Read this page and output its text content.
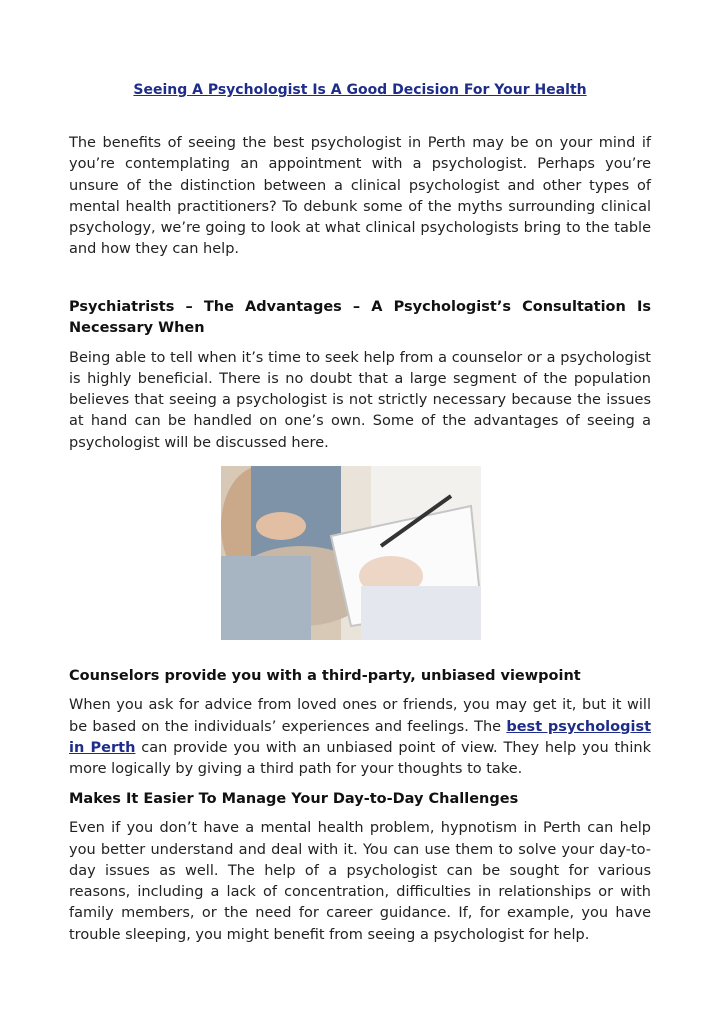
Seeing A Psychologist Is A Good Decision For Your Health

The benefits of seeing the best psychologist in Perth may be on your mind if you’re contemplating an appointment with a psychologist. Perhaps you’re unsure of the distinction between a clinical psychologist and other types of mental health practitioners? To debunk some of the myths surrounding clinical psychology, we’re going to look at what clinical psychologists bring to the table and how they can help.

Psychiatrists – The Advantages – A Psychologist’s Consultation Is Necessary When

Being able to tell when it’s time to seek help from a counselor or a psychologist is highly beneficial. There is no doubt that a large segment of the population believes that seeing a psychologist is not strictly necessary because the issues at hand can be handled on one’s own. Some of the advantages of seeing a psychologist will be discussed here.

Counselors provide you with a third-party, unbiased viewpoint

When you ask for advice from loved ones or friends, you may get it, but it will be based on the individuals’ experiences and feelings. The best psychologist in Perth can provide you with an unbiased point of view. They help you think more logically by giving a third path for your thoughts to take.

Makes It Easier To Manage Your Day-to-Day Challenges

Even if you don’t have a mental health problem, hypnotism in Perth can help you better understand and deal with it. You can use them to solve your day-to-day issues as well. The help of a psychologist can be sought for various reasons, including a lack of concentration, difficulties in relationships or with family members, or the need for career guidance. If, for example, you have trouble sleeping, you might benefit from seeing a psychologist for help.
